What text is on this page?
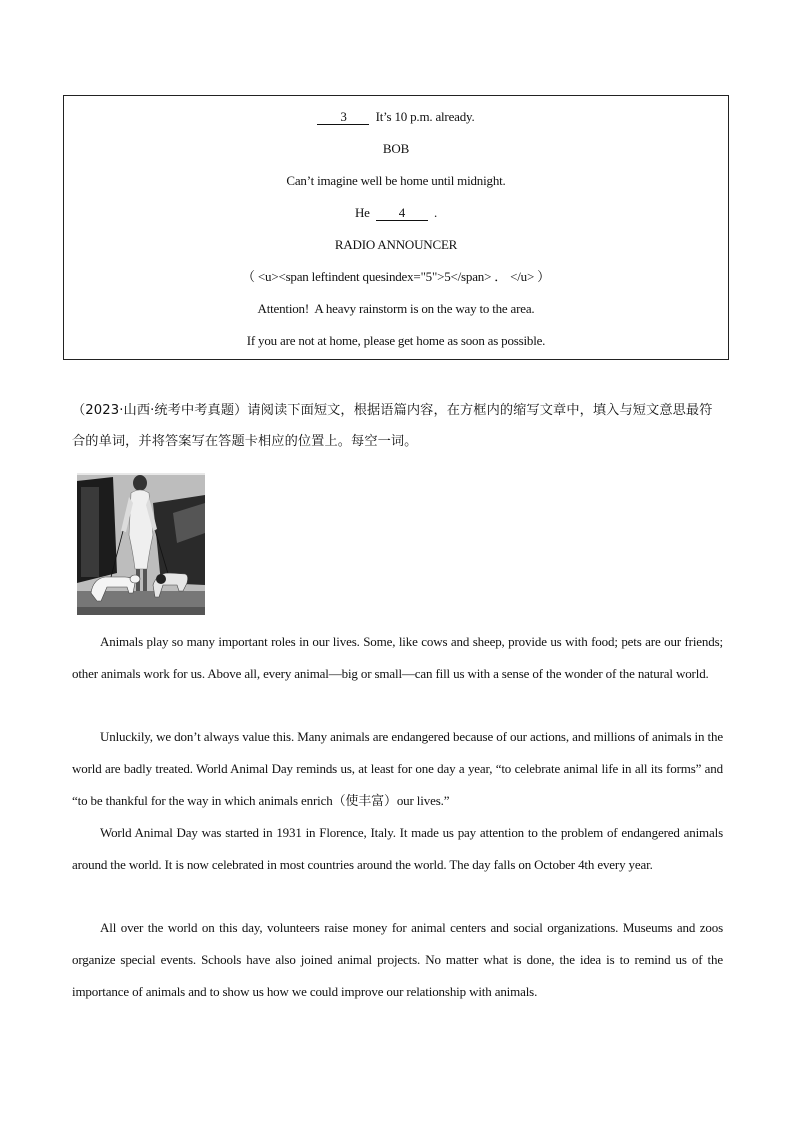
3 It’s 10 p.m. already.
BOB
Can’t imagine well be home until midnight.
He 4 .
RADIO ANNOUNCER
（ <u><span leftindent quesindex="5">5</span> ． </u> ）
Attention!  A heavy rainstorm is on the way to the area.
If you are not at home, please get home as soon as possible.
（2023·山西·统考中考真题）请阅读下面短文，根据语篇内容，在方框内的缩写文章中，填入与短文意思最符合的单词，并将答案写在答题卡相应的位置上。每空一词。
Animals play so many important roles in our lives. Some, like cows and sheep, provide us with food; pets are our friends; other animals work for us. Above all, every animal—big or small—can fill us with a sense of the wonder of the natural world.
Unluckily, we don’t always value this. Many animals are endangered because of our actions, and millions of animals in the world are badly treated. World Animal Day reminds us, at least for one day a year, “to celebrate animal life in all its forms” and “to be thankful for the way in which animals enrich（使丰富）our lives.”
World Animal Day was started in 1931 in Florence, Italy. It made us pay attention to the problem of endangered animals around the world. It is now celebrated in most countries around the world. The day falls on October 4th every year.
All over the world on this day, volunteers raise money for animal centers and social organizations. Museums and zoos organize special events. Schools have also joined animal projects. No matter what is done, the idea is to remind us of the importance of animals and to show us how we could improve our relationship with animals.
